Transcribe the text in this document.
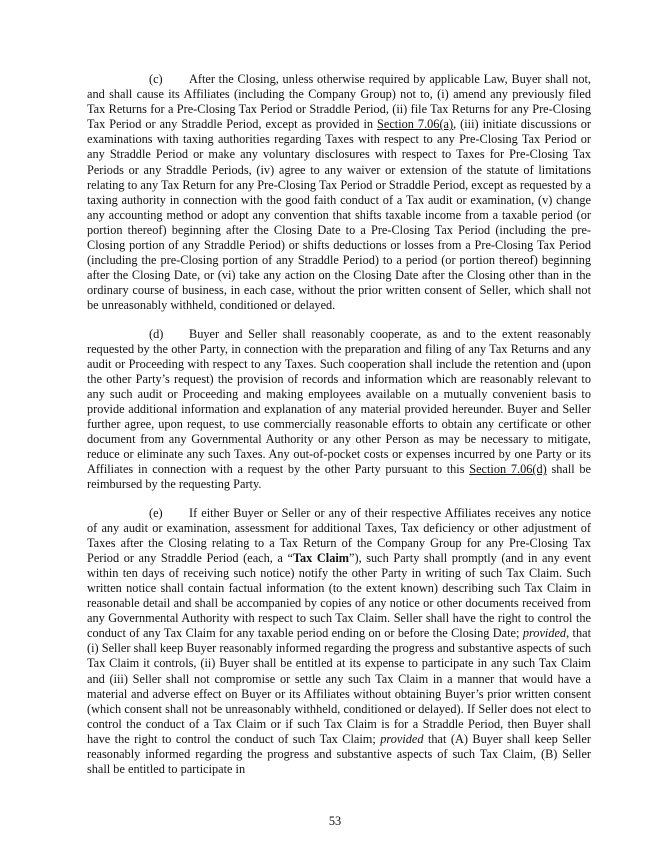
(c) After the Closing, unless otherwise required by applicable Law, Buyer shall not, and shall cause its Affiliates (including the Company Group) not to, (i) amend any previously filed Tax Returns for a Pre-Closing Tax Period or Straddle Period, (ii) file Tax Returns for any Pre-Closing Tax Period or any Straddle Period, except as provided in Section 7.06(a), (iii) initiate discussions or examinations with taxing authorities regarding Taxes with respect to any Pre-Closing Tax Period or any Straddle Period or make any voluntary disclosures with respect to Taxes for Pre-Closing Tax Periods or any Straddle Periods, (iv) agree to any waiver or extension of the statute of limitations relating to any Tax Return for any Pre-Closing Tax Period or Straddle Period, except as requested by a taxing authority in connection with the good faith conduct of a Tax audit or examination, (v) change any accounting method or adopt any convention that shifts taxable income from a taxable period (or portion thereof) beginning after the Closing Date to a Pre-Closing Tax Period (including the pre-Closing portion of any Straddle Period) or shifts deductions or losses from a Pre-Closing Tax Period (including the pre-Closing portion of any Straddle Period) to a period (or portion thereof) beginning after the Closing Date, or (vi) take any action on the Closing Date after the Closing other than in the ordinary course of business, in each case, without the prior written consent of Seller, which shall not be unreasonably withheld, conditioned or delayed.

(d) Buyer and Seller shall reasonably cooperate, as and to the extent reasonably requested by the other Party, in connection with the preparation and filing of any Tax Returns and any audit or Proceeding with respect to any Taxes. Such cooperation shall include the retention and (upon the other Party’s request) the provision of records and information which are reasonably relevant to any such audit or Proceeding and making employees available on a mutually convenient basis to provide additional information and explanation of any material provided hereunder. Buyer and Seller further agree, upon request, to use commercially reasonable efforts to obtain any certificate or other document from any Governmental Authority or any other Person as may be necessary to mitigate, reduce or eliminate any such Taxes. Any out-of-pocket costs or expenses incurred by one Party or its Affiliates in connection with a request by the other Party pursuant to this Section 7.06(d) shall be reimbursed by the requesting Party.

(e) If either Buyer or Seller or any of their respective Affiliates receives any notice of any audit or examination, assessment for additional Taxes, Tax deficiency or other adjustment of Taxes after the Closing relating to a Tax Return of the Company Group for any Pre-Closing Tax Period or any Straddle Period (each, a “Tax Claim”), such Party shall promptly (and in any event within ten days of receiving such notice) notify the other Party in writing of such Tax Claim. Such written notice shall contain factual information (to the extent known) describing such Tax Claim in reasonable detail and shall be accompanied by copies of any notice or other documents received from any Governmental Authority with respect to such Tax Claim. Seller shall have the right to control the conduct of any Tax Claim for any taxable period ending on or before the Closing Date; provided, that (i) Seller shall keep Buyer reasonably informed regarding the progress and substantive aspects of such Tax Claim it controls, (ii) Buyer shall be entitled at its expense to participate in any such Tax Claim and (iii) Seller shall not compromise or settle any such Tax Claim in a manner that would have a material and adverse effect on Buyer or its Affiliates without obtaining Buyer’s prior written consent (which consent shall not be unreasonably withheld, conditioned or delayed). If Seller does not elect to control the conduct of a Tax Claim or if such Tax Claim is for a Straddle Period, then Buyer shall have the right to control the conduct of such Tax Claim; provided that (A) Buyer shall keep Seller reasonably informed regarding the progress and substantive aspects of such Tax Claim, (B) Seller shall be entitled to participate in

53
